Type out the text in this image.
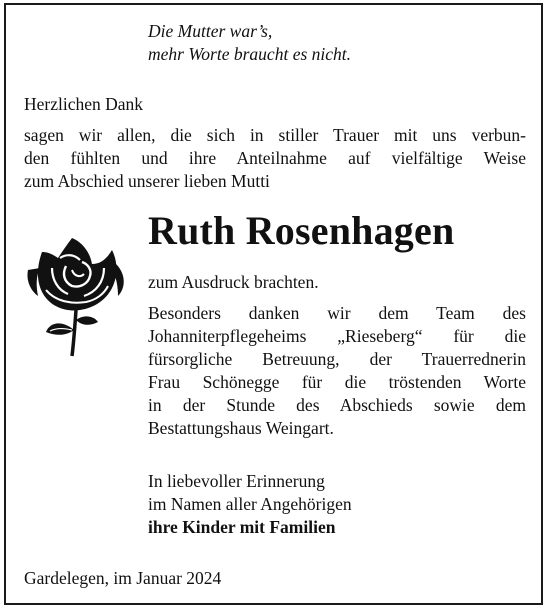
Die Mutter war’s,
mehr Worte braucht es nicht.
Herzlichen Dank
sagen wir allen, die sich in stiller Trauer mit uns verbun-
den fühlten und ihre Anteilnahme auf vielfältige Weise
zum Abschied unserer lieben Mutti
Ruth Rosenhagen
zum Ausdruck brachten.
Besonders danken wir dem Team des
Johanniterpflegeheims „Rieseberg“ für die
fürsorgliche Betreuung, der Trauerrednerin
Frau Schönegge für die tröstenden Worte
in der Stunde des Abschieds sowie dem
Bestattungshaus Weingart.
In liebevoller Erinnerung
im Namen aller Angehörigen
ihre Kinder mit Familien
Gardelegen, im Januar 2024
